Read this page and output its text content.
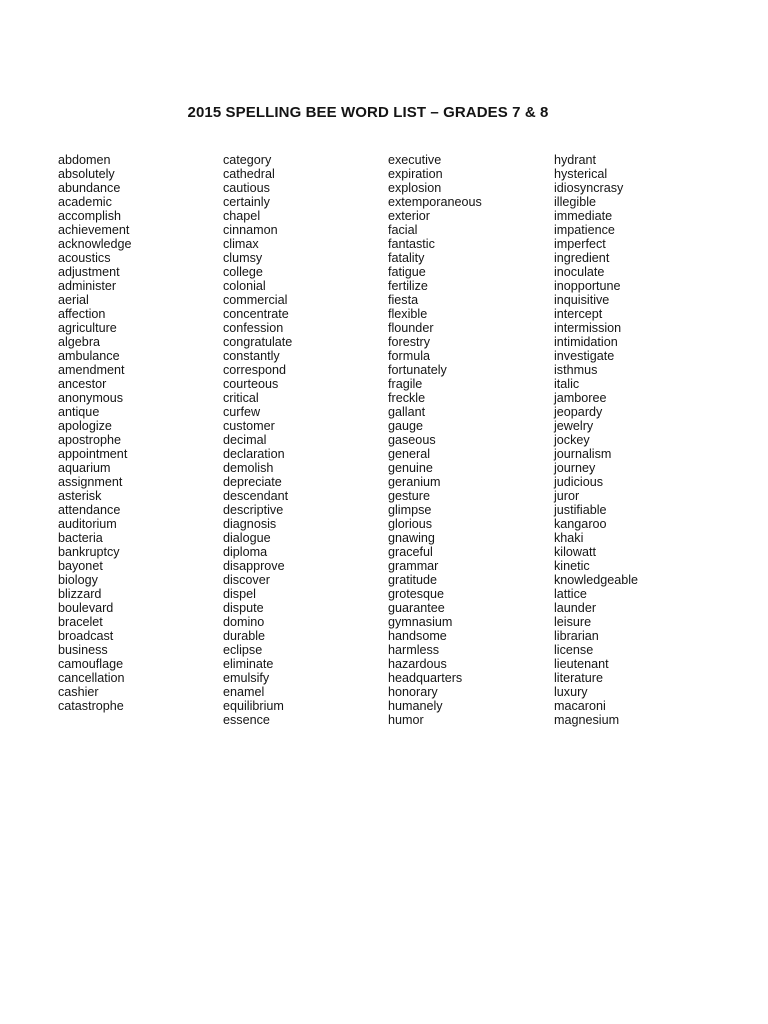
2015 SPELLING BEE WORD LIST – GRADES 7 & 8
abdomen
absolutely
abundance
academic
accomplish
achievement
acknowledge
acoustics
adjustment
administer
aerial
affection
agriculture
algebra
ambulance
amendment
ancestor
anonymous
antique
apologize
apostrophe
appointment
aquarium
assignment
asterisk
attendance
auditorium
bacteria
bankruptcy
bayonet
biology
blizzard
boulevard
bracelet
broadcast
business
camouflage
cancellation
cashier
catastrophe
category
cathedral
cautious
certainly
chapel
cinnamon
climax
clumsy
college
colonial
commercial
concentrate
confession
congratulate
constantly
correspond
courteous
critical
curfew
customer
decimal
declaration
demolish
depreciate
descendant
descriptive
diagnosis
dialogue
diploma
disapprove
discover
dispel
dispute
domino
durable
eclipse
eliminate
emulsify
enamel
equilibrium
essence
executive
expiration
explosion
extemporaneous
exterior
facial
fantastic
fatality
fatigue
fertilize
fiesta
flexible
flounder
forestry
formula
fortunately
fragile
freckle
gallant
gauge
gaseous
general
genuine
geranium
gesture
glimpse
glorious
gnawing
graceful
grammar
gratitude
grotesque
guarantee
gymnasium
handsome
harmless
hazardous
headquarters
honorary
humanely
humor
hydrant
hysterical
idiosyncrasy
illegible
immediate
impatience
imperfect
ingredient
inoculate
inopportune
inquisitive
intercept
intermission
intimidation
investigate
isthmus
italic
jamboree
jeopardy
jewelry
jockey
journalism
journey
judicious
juror
justifiable
kangaroo
khaki
kilowatt
kinetic
knowledgeable
lattice
launder
leisure
librarian
license
lieutenant
literature
luxury
macaroni
magnesium
